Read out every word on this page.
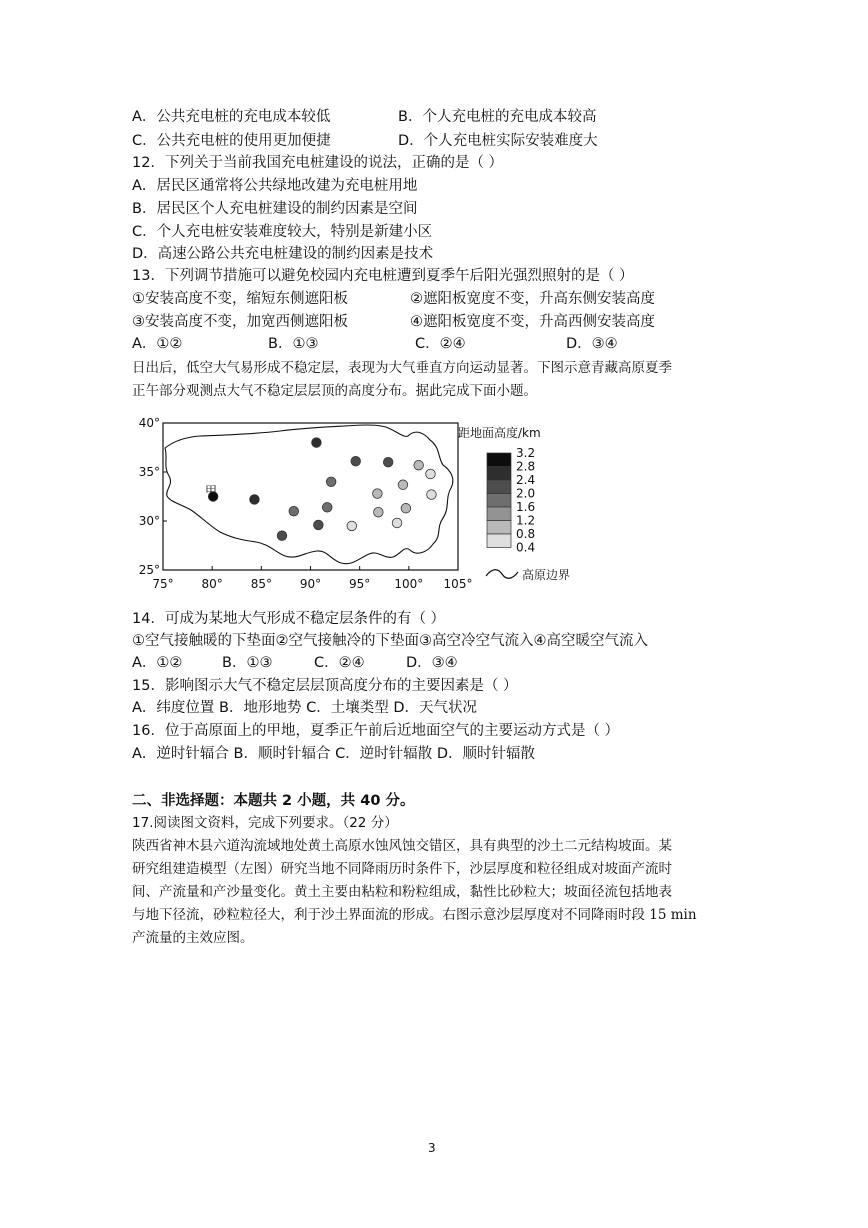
A．公共充电桩的充电成本较低	B．个人充电桩的充电成本较高
C．公共充电桩的使用更加便捷	D．个人充电桩实际安装难度大
12．下列关于当前我国充电桩建设的说法，正确的是（ ）
A．居民区通常将公共绿地改建为充电桩用地
B．居民区个人充电桩建设的制约因素是空间
C．个人充电桩安装难度较大，特别是新建小区
D．高速公路公共充电桩建设的制约因素是技术
13．下列调节措施可以避免校园内充电桩遭到夏季午后阳光强烈照射的是（ ）
①安装高度不变，缩短东侧遮阳板	②遮阳板宽度不变，升高东侧安装高度
③安装高度不变，加宽西侧遮阳板	④遮阳板宽度不变，升高西侧安装高度
A．①②	B．①③	C．②④	D．③④
日出后，低空大气易形成不稳定层，表现为大气垂直方向运动显著。下图示意青藏高原夏季
正午部分观测点大气不稳定层层顶的高度分布。据此完成下面小题。
75° 80° 85° 90° 95° 100° 105°
40°
35°
30°
25°
甲
距地面高度/km
3.2
2.8
2.4
2.0
1.6
1.2
0.8
0.4
高原边界
14．可成为某地大气形成不稳定层条件的有（ ）
①空气接触暖的下垫面②空气接触冷的下垫面③高空冷空气流入④高空暖空气流入
A．①②	B．①③	C．②④	D．③④
15．影响图示大气不稳定层层顶高度分布的主要因素是（ ）
A．纬度位置 B．地形地势 C．土壤类型 D．天气状况
16．位于高原面上的甲地，夏季正午前后近地面空气的主要运动方式是（ ）
A．逆时针辐合 B．顺时针辐合 C．逆时针辐散 D．顺时针辐散
二、非选择题：本题共 2 小题，共 40 分。
17.阅读图文资料，完成下列要求。（22 分）
陕西省神木县六道沟流域地处黄土高原水蚀风蚀交错区，具有典型的沙土二元结构坡面。某
研究组建造模型（左图）研究当地不同降雨历时条件下，沙层厚度和粒径组成对坡面产流时
间、产流量和产沙量变化。黄土主要由粘粒和粉粒组成，黏性比砂粒大；坡面径流包括地表
与地下径流，砂粒粒径大，利于沙土界面流的形成。右图示意沙层厚度对不同降雨时段 15 min
产流量的主效应图。
3
